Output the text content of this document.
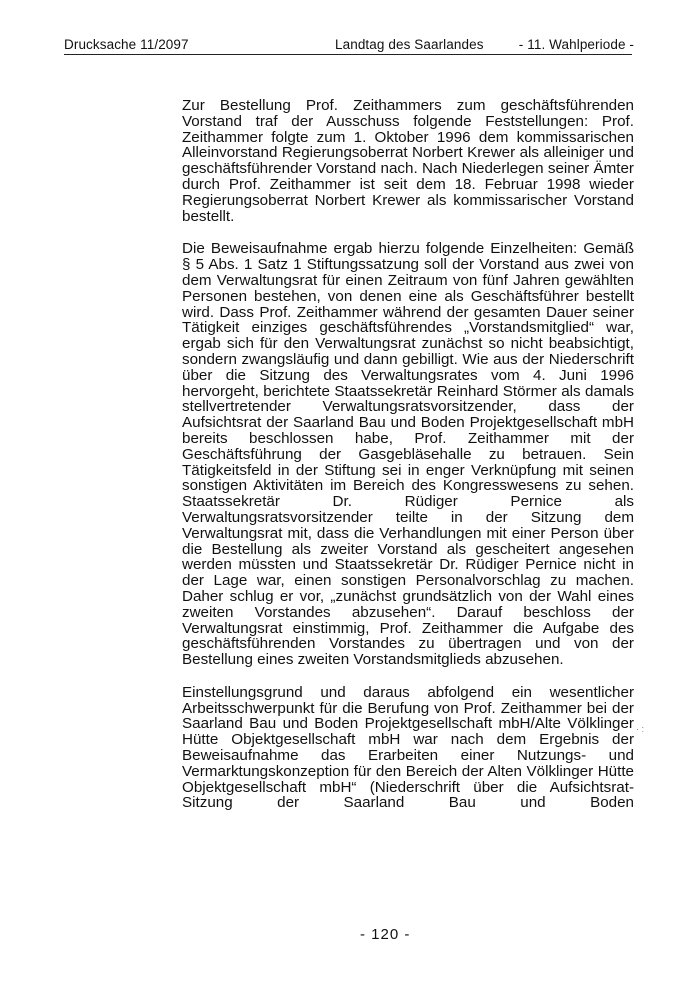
Drucksache 11/2097	Landtag des Saarlandes	- 11. Wahlperiode -

Zur Bestellung Prof. Zeithammers zum geschäftsführenden Vorstand traf der Ausschuss folgende Feststellungen: Prof. Zeithammer folgte zum 1. Oktober 1996 dem kommissarischen Alleinvorstand Regierungsoberrat Norbert Krewer als alleiniger und geschäftsführender Vorstand nach. Nach Niederlegen seiner Ämter durch Prof. Zeithammer ist seit dem 18. Februar 1998 wieder Regierungsoberrat Norbert Krewer als kommissarischer Vorstand bestellt.

Die Beweisaufnahme ergab hierzu folgende Einzelheiten: Gemäß § 5 Abs. 1 Satz 1 Stiftungssatzung soll der Vorstand aus zwei von dem Verwaltungsrat für einen Zeitraum von fünf Jahren gewählten Personen bestehen, von denen eine als Geschäftsführer bestellt wird. Dass Prof. Zeithammer während der gesamten Dauer seiner Tätigkeit einziges geschäftsführendes „Vorstandsmitglied“ war, ergab sich für den Verwaltungsrat zunächst so nicht beabsichtigt, sondern zwangsläufig und dann gebilligt. Wie aus der Niederschrift über die Sitzung des Verwaltungsrates vom 4. Juni 1996 hervorgeht, berichtete Staatssekretär Reinhard Störmer als damals stellvertretender Verwaltungsratsvorsitzender, dass der Aufsichtsrat der Saarland Bau und Boden Projektgesellschaft mbH bereits beschlossen habe, Prof. Zeithammer mit der Geschäftsführung der Gasgebläsehalle zu betrauen. Sein Tätigkeitsfeld in der Stiftung sei in enger Verknüpfung mit seinen sonstigen Aktivitäten im Bereich des Kongresswesens zu sehen. Staatssekretär Dr. Rüdiger Pernice als Verwaltungsratsvorsitzender teilte in der Sitzung dem Verwaltungsrat mit, dass die Verhandlungen mit einer Person über die Bestellung als zweiter Vorstand als gescheitert angesehen werden müssten und Staatssekretär Dr. Rüdiger Pernice nicht in der Lage war, einen sonstigen Personalvorschlag zu machen. Daher schlug er vor, „zunächst grundsätzlich von der Wahl eines zweiten Vorstandes abzusehen“. Darauf beschloss der Verwaltungsrat einstimmig, Prof. Zeithammer die Aufgabe des geschäftsführenden Vorstandes zu übertragen und von der Bestellung eines zweiten Vorstandsmitglieds abzusehen.

Einstellungsgrund und daraus abfolgend ein wesentlicher Arbeitsschwerpunkt für die Berufung von Prof. Zeithammer bei der Saarland Bau und Boden Projektgesellschaft mbH/Alte Völklinger Hütte Objektgesellschaft mbH war nach dem Ergebnis der Beweisaufnahme das Erarbeiten einer Nutzungs- und Vermarktungskonzeption für den Bereich der Alten Völklinger Hütte Objektgesellschaft mbH“ (Niederschrift über die Aufsichtsrat-Sitzung der Saarland Bau und Boden

- 120 -
· :
